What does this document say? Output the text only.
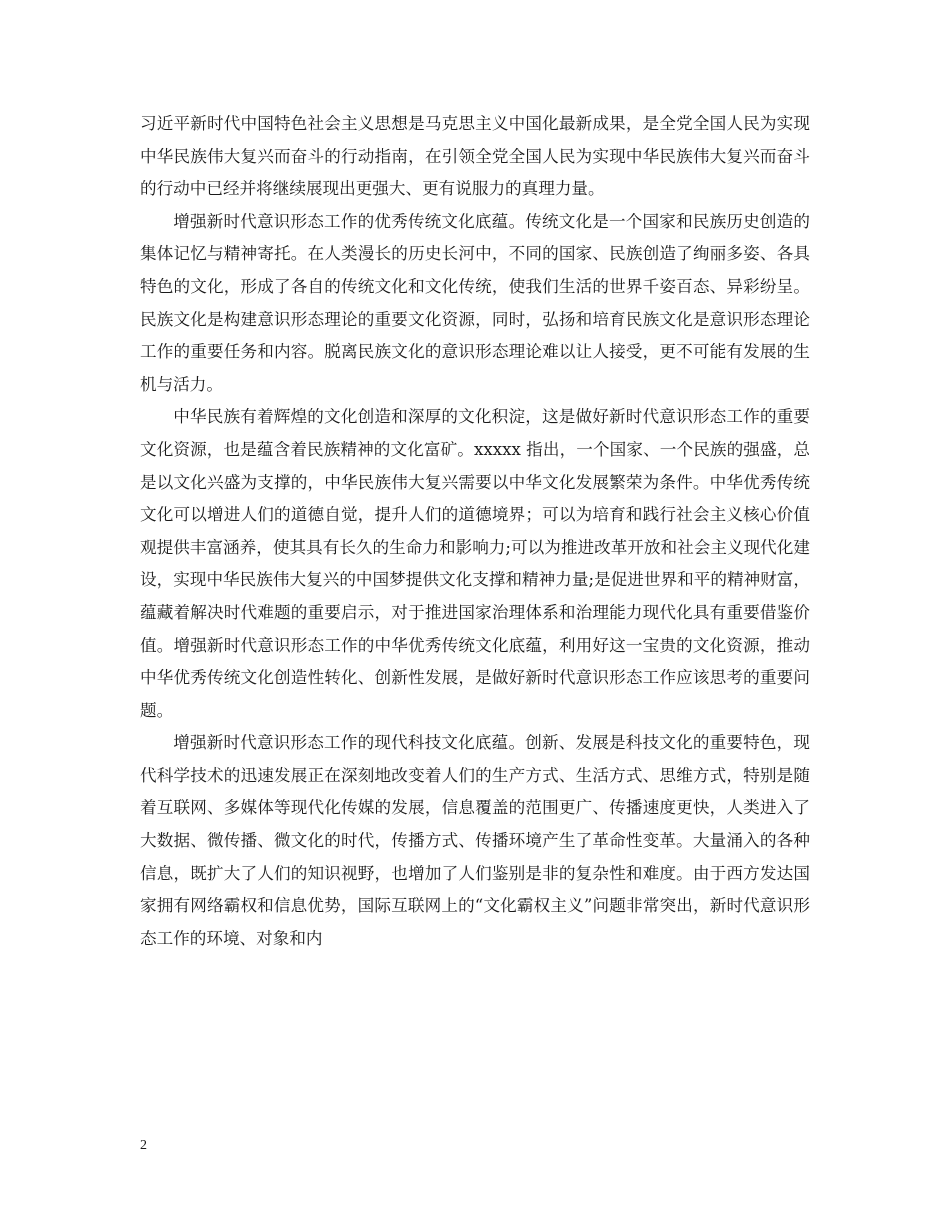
习近平新时代中国特色社会主义思想是马克思主义中国化最新成果，是全党全国人民为实现中华民族伟大复兴而奋斗的行动指南，在引领全党全国人民为实现中华民族伟大复兴而奋斗的行动中已经并将继续展现出更强大、更有说服力的真理力量。

增强新时代意识形态工作的优秀传统文化底蕴。传统文化是一个国家和民族历史创造的集体记忆与精神寄托。在人类漫长的历史长河中，不同的国家、民族创造了绚丽多姿、各具特色的文化，形成了各自的传统文化和文化传统，使我们生活的世界千姿百态、异彩纷呈。民族文化是构建意识形态理论的重要文化资源，同时，弘扬和培育民族文化是意识形态理论工作的重要任务和内容。脱离民族文化的意识形态理论难以让人接受，更不可能有发展的生机与活力。

中华民族有着辉煌的文化创造和深厚的文化积淀，这是做好新时代意识形态工作的重要文化资源，也是蕴含着民族精神的文化富矿。xxxxx 指出，一个国家、一个民族的强盛，总是以文化兴盛为支撑的，中华民族伟大复兴需要以中华文化发展繁荣为条件。中华优秀传统文化可以增进人们的道德自觉，提升人们的道德境界；可以为培育和践行社会主义核心价值观提供丰富涵养，使其具有长久的生命力和影响力;可以为推进改革开放和社会主义现代化建设，实现中华民族伟大复兴的中国梦提供文化支撑和精神力量;是促进世界和平的精神财富，蕴藏着解决时代难题的重要启示，对于推进国家治理体系和治理能力现代化具有重要借鉴价值。增强新时代意识形态工作的中华优秀传统文化底蕴，利用好这一宝贵的文化资源，推动中华优秀传统文化创造性转化、创新性发展，是做好新时代意识形态工作应该思考的重要问题。

增强新时代意识形态工作的现代科技文化底蕴。创新、发展是科技文化的重要特色，现代科学技术的迅速发展正在深刻地改变着人们的生产方式、生活方式、思维方式，特别是随着互联网、多媒体等现代化传媒的发展，信息覆盖的范围更广、传播速度更快，人类进入了大数据、微传播、微文化的时代，传播方式、传播环境产生了革命性变革。大量涌入的各种信息，既扩大了人们的知识视野，也增加了人们鉴别是非的复杂性和难度。由于西方发达国家拥有网络霸权和信息优势，国际互联网上的“文化霸权主义”问题非常突出，新时代意识形态工作的环境、对象和内

2
